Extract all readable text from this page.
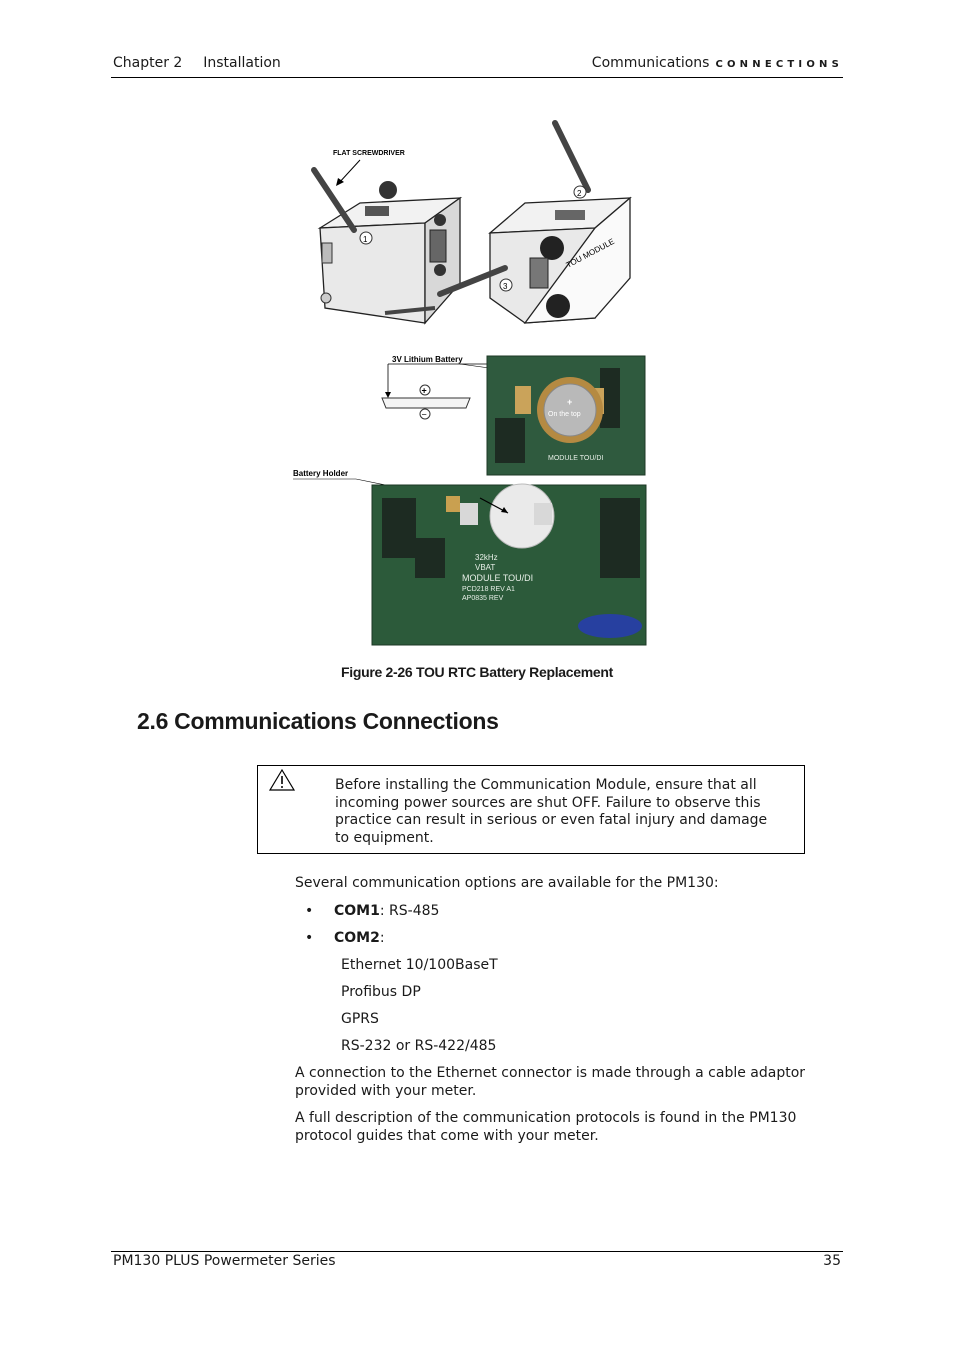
Chapter 2 Installation	Communications CONNECTIONS
1
FLAT SCREWDRIVER
TOU MODULE
2
3
3V Lithium Battery
+
−
MODULE TOU/DI
+
On the top
Battery Holder
32kHz
VBAT
MODULE TOU/DI
PCD218 REV A1
AP0835 REV
Figure 2-26 TOU RTC Battery Replacement
2.6 Communications Connections
Before installing the Communication Module, ensure that all incoming power sources are shut OFF. Failure to observe this practice can result in serious or even fatal injury and damage to equipment.
Several communication options are available for the PM130:
• COM1: RS-485
• COM2:
Ethernet 10/100BaseT
Profibus DP
GPRS
RS-232 or RS-422/485
A connection to the Ethernet connector is made through a cable adaptor provided with your meter.
A full description of the communication protocols is found in the PM130 protocol guides that come with your meter.
PM130 PLUS Powermeter Series	35
